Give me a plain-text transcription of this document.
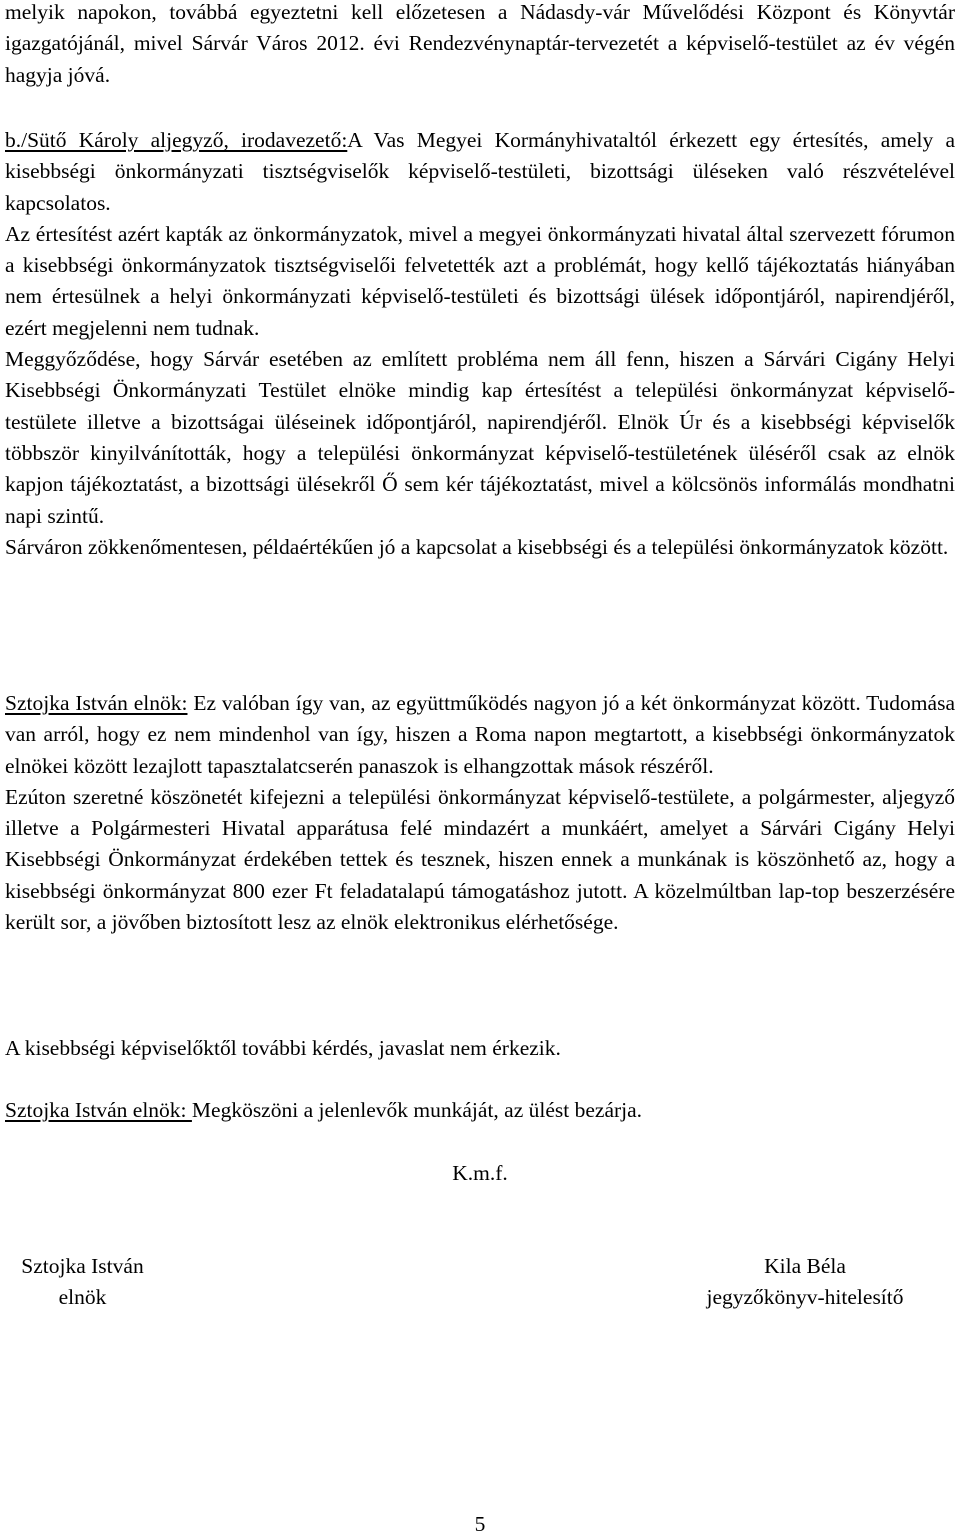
melyik napokon, továbbá egyeztetni kell előzetesen a Nádasdy-vár Művelődési Központ és Könyvtár igazgatójánál, mivel Sárvár Város 2012. évi Rendezvénynaptár-tervezetét a képviselő-testület az év végén hagyja jóvá.

b./Sütő Károly aljegyző, irodavezető:A Vas Megyei Kormányhivataltól érkezett egy értesítés, amely a kisebbségi önkormányzati tisztségviselők képviselő-testületi, bizottsági üléseken való részvételével kapcsolatos.

Az értesítést azért kapták az önkormányzatok, mivel a megyei önkormányzati hivatal által szervezett fórumon a kisebbségi önkormányzatok tisztségviselői felvetették azt a problémát, hogy kellő tájékoztatás hiányában nem értesülnek a helyi önkormányzati képviselő-testületi és bizottsági ülések időpontjáról, napirendjéről, ezért megjelenni nem tudnak.

Meggyőződése, hogy Sárvár esetében az említett probléma nem áll fenn, hiszen a Sárvári Cigány Helyi Kisebbségi Önkormányzati Testület elnöke mindig kap értesítést a települési önkormányzat képviselő-testülete illetve a bizottságai üléseinek időpontjáról, napirendjéről. Elnök Úr és a kisebbségi képviselők többször kinyilvánították, hogy a települési önkormányzat képviselő-testületének üléséről csak az elnök kapjon tájékoztatást, a bizottsági ülésekről Ő sem kér tájékoztatást, mivel a kölcsönös informálás mondhatni napi szintű.

Sárváron zökkenőmentesen, példaértékűen jó a kapcsolat a kisebbségi és a települési önkormányzatok között.

Sztojka István elnök: Ez valóban így van, az együttműködés nagyon jó a két önkormányzat között. Tudomása van arról, hogy ez nem mindenhol van így, hiszen a Roma napon megtartott, a kisebbségi önkormányzatok elnökei között lezajlott tapasztalatcserén panaszok is elhangzottak mások részéről.

Ezúton szeretné köszönetét kifejezni a települési önkormányzat képviselő-testülete, a polgármester, aljegyző illetve a Polgármesteri Hivatal apparátusa felé mindazért a munkáért, amelyet a Sárvári Cigány Helyi Kisebbségi Önkormányzat érdekében tettek és tesznek, hiszen ennek a munkának is köszönhető az, hogy a kisebbségi önkormányzat 800 ezer Ft feladatalapú támogatáshoz jutott. A közelmúltban lap-top beszerzésére került sor, a jövőben biztosított lesz az elnök elektronikus elérhetősége.

A kisebbségi képviselőktől további kérdés, javaslat nem érkezik.

Sztojka István elnök: Megköszöni a jelenlevők munkáját, az ülést bezárja.

K.m.f.

Sztojka István
elnök
Kila Béla
jegyzőkönyv-hitelesítő
5
